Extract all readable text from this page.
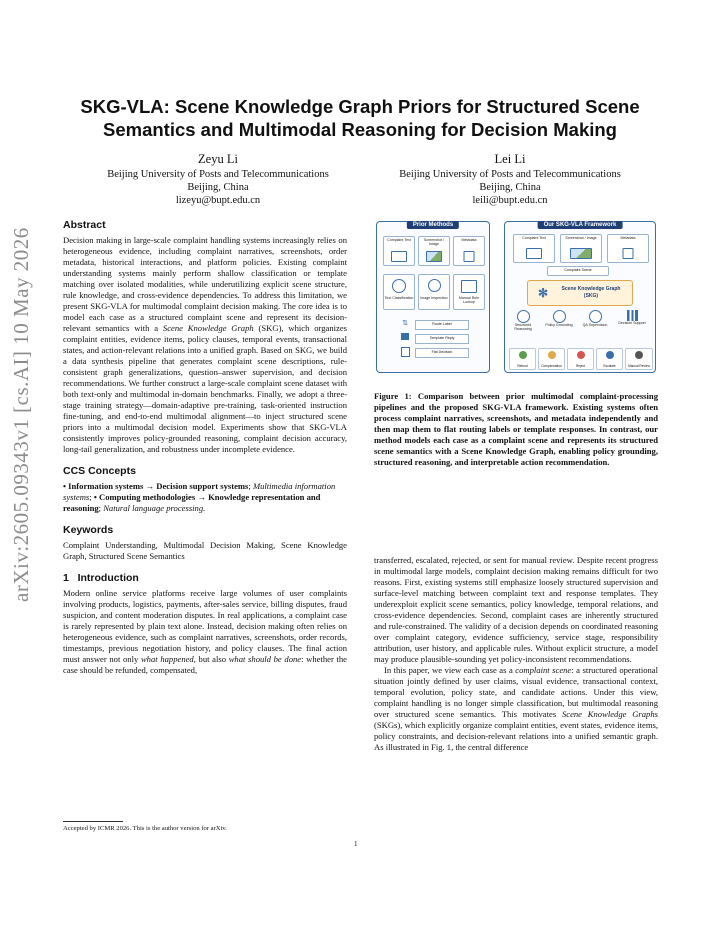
arXiv:2605.09343v1 [cs.AI] 10 May 2026
SKG-VLA: Scene Knowledge Graph Priors for Structured Scene
Semantics and Multimodal Reasoning for Decision Making
Zeyu Li
Beijing University of Posts and Telecommunications
Beijing, China
lizeyu@bupt.edu.cn
Lei Li
Beijing University of Posts and Telecommunications
Beijing, China
leili@bupt.edu.cn
Abstract

Decision making in large-scale complaint handling systems increasingly relies on heterogeneous evidence, including complaint narratives, screenshots, order metadata, historical interactions, and platform policies. Existing complaint understanding systems mainly perform shallow classification or template matching over isolated modalities, while underutilizing explicit scene structure, rule knowledge, and cross-evidence dependencies. To address this limitation, we present SKG-VLA for multimodal complaint decision making. The core idea is to model each case as a structured complaint scene and represent its decision-relevant semantics with a Scene Knowledge Graph (SKG), which organizes complaint entities, evidence items, policy clauses, temporal events, transactional states, and action-relevant relations into a unified graph. Based on SKG, we build a data synthesis pipeline that generates complaint scene descriptions, rule-consistent graph generalizations, question–answer supervision, and decision recommendations. We further construct a large-scale complaint scene dataset with both text-only and multimodal in-domain benchmarks. Finally, we adopt a three-stage training strategy—domain-adaptive pre-training, task-oriented instruction fine-tuning, and end-to-end multimodal alignment—to inject structured scene priors into a multimodal decision model. Experiments show that SKG-VLA consistently improves policy-grounded reasoning, complaint decision accuracy, long-tail generalization, and robustness under incomplete evidence.

CCS Concepts

• Information systems → Decision support systems; Multimedia information systems; • Computing methodologies → Knowledge representation and reasoning; Natural language processing.

Keywords

Complaint Understanding, Multimodal Decision Making, Scene Knowledge Graph, Structured Scene Semantics

1   Introduction

Modern online service platforms receive large volumes of user complaints involving products, logistics, payments, after-sales service, billing disputes, fraud suspicion, and content moderation disputes. In real applications, a complaint case is rarely represented by plain text alone. Instead, decision making often relies on heterogeneous evidence, such as complaint narratives, screenshots, order records, timestamps, previous negotiation history, and policy clauses. The final action must answer not only what happened, but also what should be done: whether the case should be refunded, compensated,

Accepted by ICMR 2026. This is the author version for arXiv.
Prior Methods
Complaint Text	Screenshot / Image
Metadata
Text Classification	Image Inspection	Manual Rule Lookup
Route Label
Template Reply
Flat Decision
⇅
Our SKG-VLA Framework
Complaint Text	Screenshot / Image	Metadata
Complaint Scene
✻	Scene Knowledge Graph
(SKG)
Structured Reasoning
Policy Grounding	QA Supervision	Decision Support
Refund	Compensation	Reject	Escalate	Manual Review
Figure 1: Comparison between prior multimodal complaint-processing pipelines and the proposed SKG-VLA framework. Existing systems often process complaint narratives, screenshots, and metadata independently and then map them to flat routing labels or template responses. In contrast, our method models each case as a complaint scene and represents its structured scene semantics with a Scene Knowledge Graph, enabling policy grounding, structured reasoning, and interpretable action recommendation.

transferred, escalated, rejected, or sent for manual review. Despite recent progress in multimodal large models, complaint decision making remains difficult for two reasons. First, existing systems still emphasize loosely structured supervision and surface-level matching between complaint text and response templates. They underexploit explicit scene semantics, policy knowledge, temporal relations, and cross-evidence dependencies. Second, complaint cases are inherently structured and rule-constrained. The validity of a decision depends on coordinated reasoning over complaint category, evidence sufficiency, service stage, responsibility attribution, user history, and applicable rules. Without explicit structure, a model may produce plausible-sounding yet policy-inconsistent recommendations.

In this paper, we view each case as a complaint scene: a structured operational situation jointly defined by user claims, visual evidence, transactional context, temporal evolution, policy state, and candidate actions. Under this view, complaint handling is no longer simple classification, but multimodal reasoning over structured scene semantics. This motivates Scene Knowledge Graphs (SKGs), which explicitly organize complaint entities, event states, evidence items, policy constraints, and decision-relevant relations into a unified semantic graph. As illustrated in Fig. 1, the central difference

1
